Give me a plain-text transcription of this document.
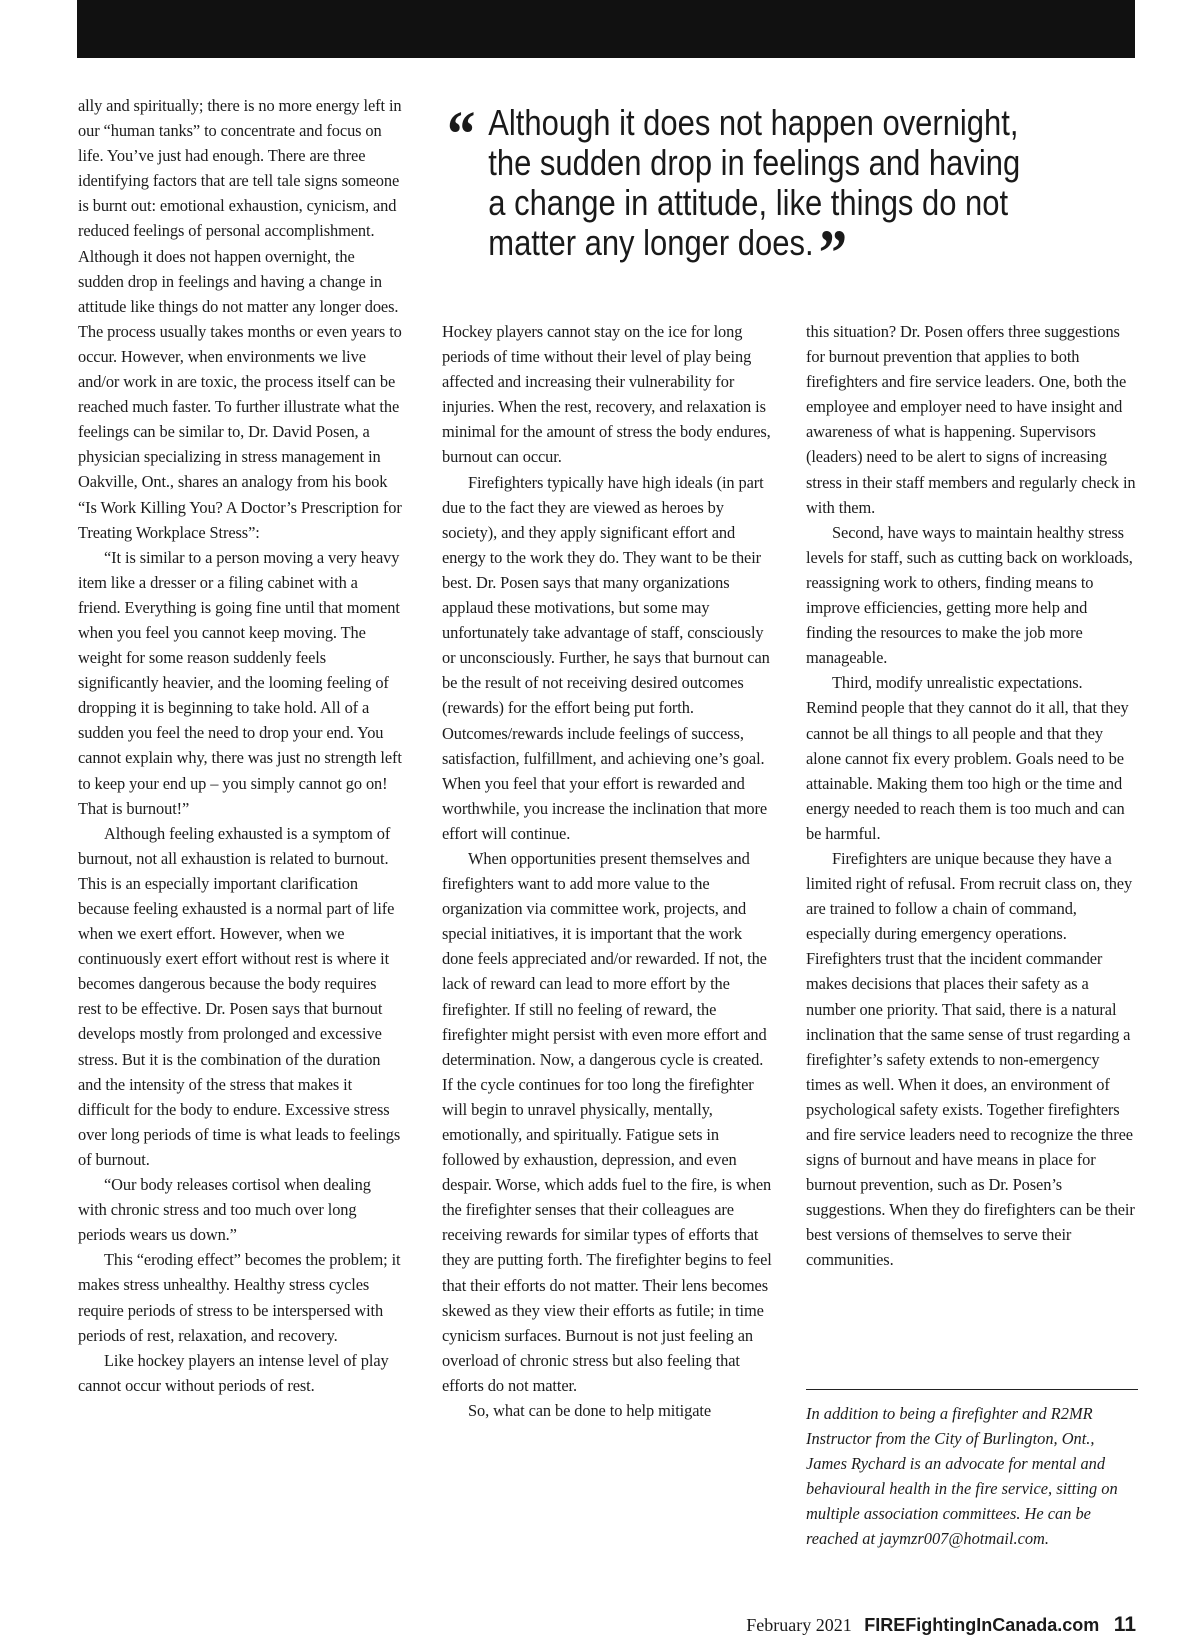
ally and spiritually; there is no more energy left in our “human tanks” to concentrate and focus on life. You’ve just had enough. There are three identifying factors that are tell tale signs someone is burnt out: emotional exhaustion, cynicism, and reduced feelings of personal accomplishment. Although it does not happen overnight, the sudden drop in feelings and having a change in attitude like things do not matter any longer does. The process usually takes months or even years to occur. However, when environments we live and/or work in are toxic, the process itself can be reached much faster. To further illustrate what the feelings can be similar to, Dr. David Posen, a physician specializing in stress management in Oakville, Ont., shares an analogy from his book “Is Work Killing You? A Doctor’s Prescription for Treating Workplace Stress”:

“It is similar to a person moving a very heavy item like a dresser or a filing cabinet with a friend. Everything is going fine until that moment when you feel you cannot keep moving. The weight for some reason suddenly feels significantly heavier, and the looming feeling of dropping it is beginning to take hold. All of a sudden you feel the need to drop your end. You cannot explain why, there was just no strength left to keep your end up – you simply cannot go on! That is burnout!”

Although feeling exhausted is a symptom of burnout, not all exhaustion is related to burnout. This is an especially important clarification because feeling exhausted is a normal part of life when we exert effort. However, when we continuously exert effort without rest is where it becomes dangerous because the body requires rest to be effective. Dr. Posen says that burnout develops mostly from prolonged and excessive stress. But it is the combination of the duration and the intensity of the stress that makes it difficult for the body to endure. Excessive stress over long periods of time is what leads to feelings of burnout.

“Our body releases cortisol when dealing with chronic stress and too much over long periods wears us down.”

This “eroding effect” becomes the problem; it makes stress unhealthy. Healthy stress cycles require periods of stress to be interspersed with periods of rest, relaxation, and recovery.

Like hockey players an intense level of play cannot occur without periods of rest.

“ Although it does not happen overnight, the sudden drop in feelings and having a change in attitude, like things do not matter any longer does.”

Hockey players cannot stay on the ice for long periods of time without their level of play being affected and increasing their vulnerability for injuries. When the rest, recovery, and relaxation is minimal for the amount of stress the body endures, burnout can occur.

Firefighters typically have high ideals (in part due to the fact they are viewed as heroes by society), and they apply significant effort and energy to the work they do. They want to be their best. Dr. Posen says that many organizations applaud these motivations, but some may unfortunately take advantage of staff, consciously or unconsciously. Further, he says that burnout can be the result of not receiving desired outcomes (rewards) for the effort being put forth. Outcomes/rewards include feelings of success, satisfaction, fulfillment, and achieving one’s goal. When you feel that your effort is rewarded and worthwhile, you increase the inclination that more effort will continue.

When opportunities present themselves and firefighters want to add more value to the organization via committee work, projects, and special initiatives, it is important that the work done feels appreciated and/or rewarded. If not, the lack of reward can lead to more effort by the firefighter. If still no feeling of reward, the firefighter might persist with even more effort and determination. Now, a dangerous cycle is created. If the cycle continues for too long the firefighter will begin to unravel physically, mentally, emotionally, and spiritually. Fatigue sets in followed by exhaustion, depression, and even despair. Worse, which adds fuel to the fire, is when the firefighter senses that their colleagues are receiving rewards for similar types of efforts that they are putting forth. The firefighter begins to feel that their efforts do not matter. Their lens becomes skewed as they view their efforts as futile; in time cynicism surfaces. Burnout is not just feeling an overload of chronic stress but also feeling that efforts do not matter.

So, what can be done to help mitigate

this situation? Dr. Posen offers three suggestions for burnout prevention that applies to both firefighters and fire service leaders. One, both the employee and employer need to have insight and awareness of what is happening. Supervisors (leaders) need to be alert to signs of increasing stress in their staff members and regularly check in with them.

Second, have ways to maintain healthy stress levels for staff, such as cutting back on workloads, reassigning work to others, finding means to improve efficiencies, getting more help and finding the resources to make the job more manageable.

Third, modify unrealistic expectations. Remind people that they cannot do it all, that they cannot be all things to all people and that they alone cannot fix every problem. Goals need to be attainable. Making them too high or the time and energy needed to reach them is too much and can be harmful.

Firefighters are unique because they have a limited right of refusal. From recruit class on, they are trained to follow a chain of command, especially during emergency operations. Firefighters trust that the incident commander makes decisions that places their safety as a number one priority. That said, there is a natural inclination that the same sense of trust regarding a firefighter’s safety extends to non-emergency times as well. When it does, an environment of psychological safety exists. Together firefighters and fire service leaders need to recognize the three signs of burnout and have means in place for burnout prevention, such as Dr. Posen’s suggestions. When they do firefighters can be their best versions of themselves to serve their communities.

In addition to being a firefighter and R2MR Instructor from the City of Burlington, Ont., James Rychard is an advocate for mental and behavioural health in the fire service, sitting on multiple association committees. He can be reached at jaymzr007@hotmail.com.
February 2021 FIREFightingInCanada.com 11
